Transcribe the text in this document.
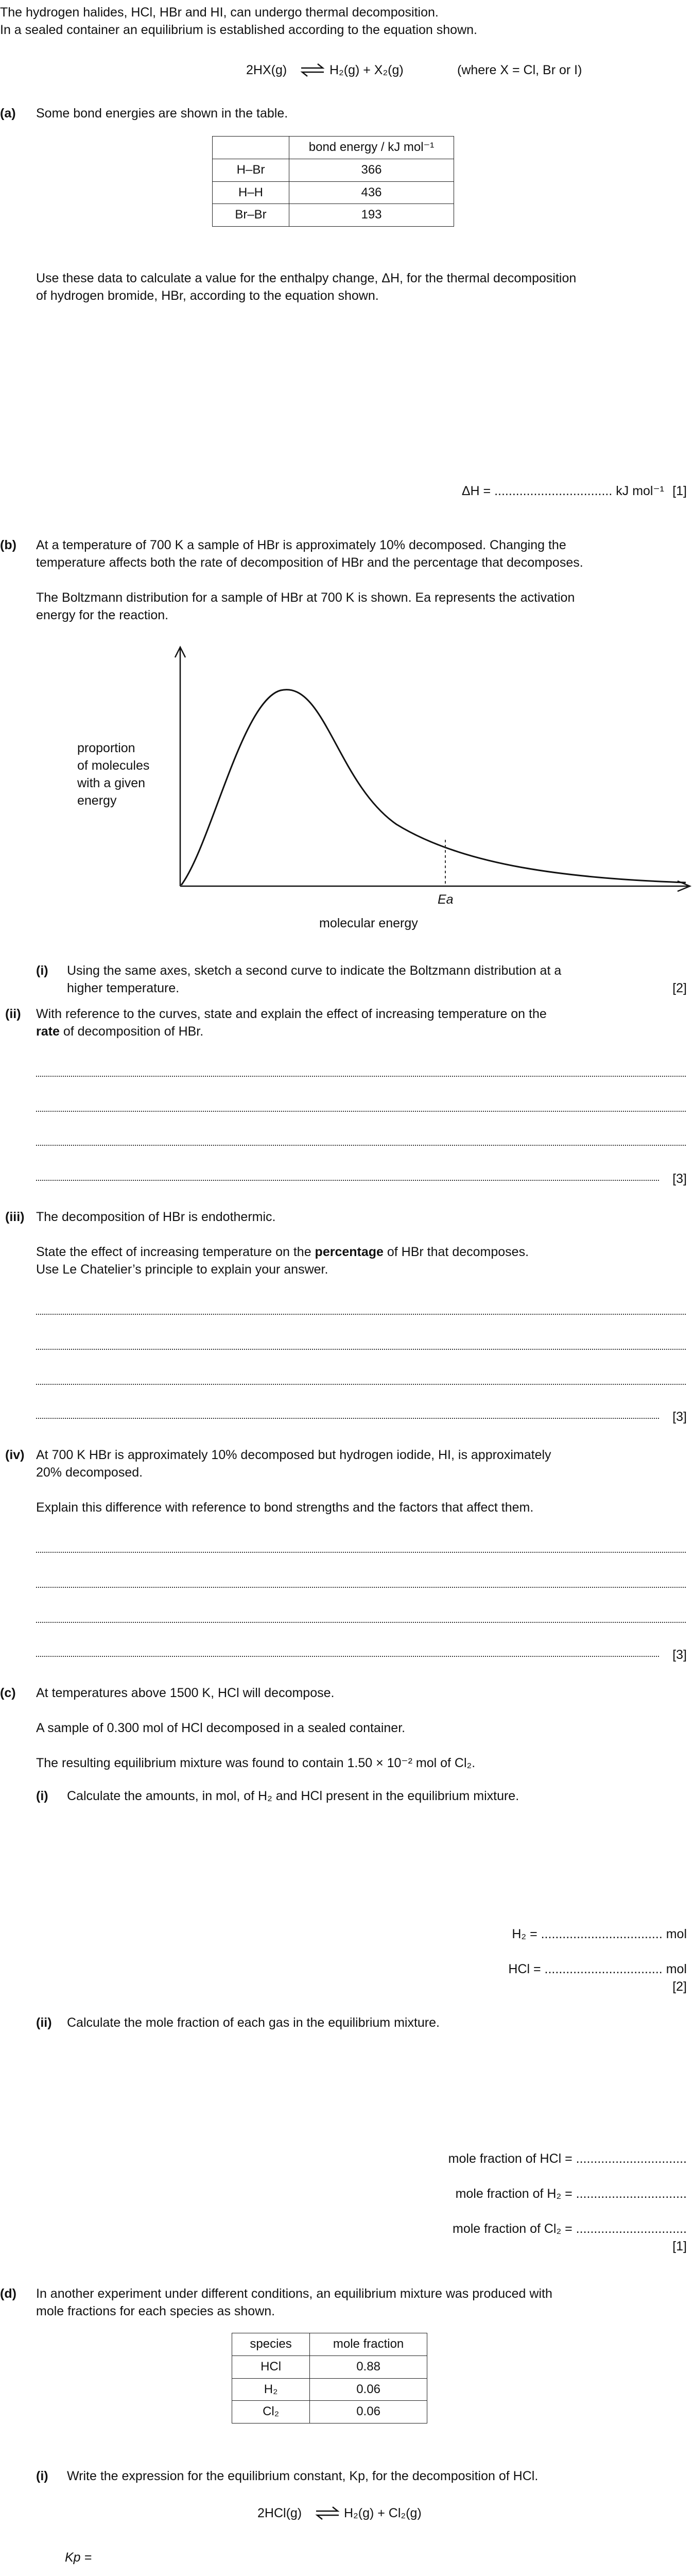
The hydrogen halides, HCl, HBr and HI, can undergo thermal decomposition.
In a sealed container an equilibrium is established according to the equation shown.
2HX(g) ⇌ H₂(g) + X₂(g)	(where X = Cl, Br or I)
(a) Some bond energies are shown in the table.
	bond energy / kJ mol⁻¹
H–Br	366
H–H	436
Br–Br	193
Use these data to calculate a value for the enthalpy change, ΔH, for the thermal decomposition
of hydrogen bromide, HBr, according to the equation shown.
ΔH = ................................. kJ mol⁻¹ [1]
(b) At a temperature of 700 K a sample of HBr is approximately 10% decomposed. Changing the
temperature affects both the rate of decomposition of HBr and the percentage that decomposes.
The Boltzmann distribution for a sample of HBr at 700 K is shown. Ea represents the activation
energy for the reaction.
proportion
of molecules
with a given
energy
Ea
molecular energy
(i) Using the same axes, sketch a second curve to indicate the Boltzmann distribution at a
higher temperature.	[2]
(ii) With reference to the curves, state and explain the effect of increasing temperature on the
rate of decomposition of HBr.
[3]
(iii) The decomposition of HBr is endothermic.
State the effect of increasing temperature on the percentage of HBr that decomposes.
Use Le Chatelier’s principle to explain your answer.
[3]
(iv) At 700 K HBr is approximately 10% decomposed but hydrogen iodide, HI, is approximately
20% decomposed.
Explain this difference with reference to bond strengths and the factors that affect them.
[3]
(c) At temperatures above 1500 K, HCl will decompose.
A sample of 0.300 mol of HCl decomposed in a sealed container.
The resulting equilibrium mixture was found to contain 1.50 × 10⁻² mol of Cl₂.
(i) Calculate the amounts, in mol, of H₂ and HCl present in the equilibrium mixture.
H₂ = .................................. mol
HCl = ................................. mol
[2]
(ii) Calculate the mole fraction of each gas in the equilibrium mixture.
mole fraction of HCl = ...............................
mole fraction of H₂ = ...............................
mole fraction of Cl₂ = ...............................
[1]
(d) In another experiment under different conditions, an equilibrium mixture was produced with
mole fractions for each species as shown.
species	mole fraction
HCl	0.88
H₂	0.06
Cl₂	0.06
(i) Write the expression for the equilibrium constant, Kp, for the decomposition of HCl.
2HCl(g) ⇌ H₂(g) + Cl₂(g)
Kp =
